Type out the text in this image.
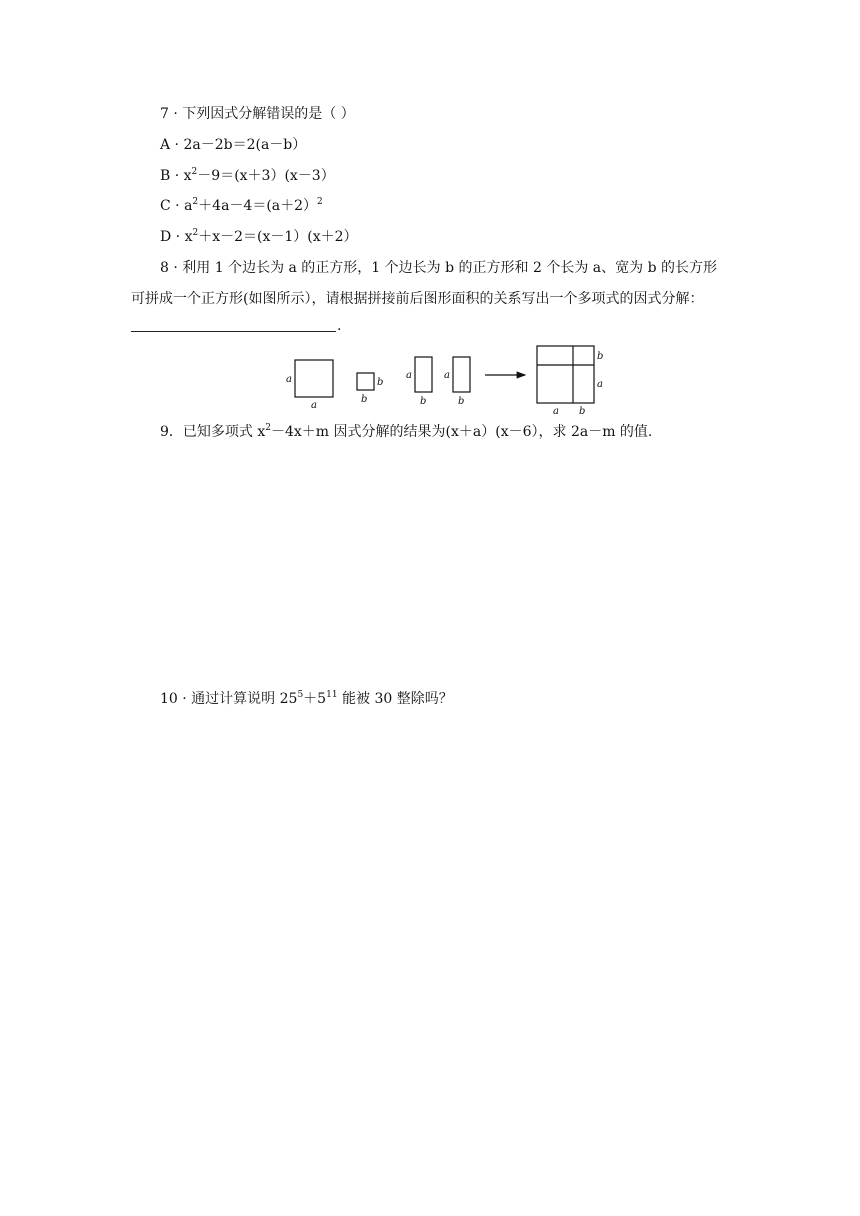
7 · 下列因式分解错误的是（ ）
A · 2a－2b＝2(a－b）
$B \cdot x^2-9=(x+3)(x-3)$
$C \cdot a^2+4a-4=(a+2)^2$
$D \cdot x^2+x-2=(x-1)(x+2)$
8 · 利用 1 个边长为 a 的正方形，1 个边长为 b 的正方形和 2 个长为 a、宽为 b 的长方形
可拼成一个正方形(如图所示），请根据拼接前后图形面积的关系写出一个多项式的因式分解：
.
a
a
b
b
a
b
a
b
b
a
a b
9．已知多项式 $x^2-4x+m$ 因式分解的结果为(x＋a）(x－6），求 2a－m 的值.
10 · 通过计算说明 $25^5+5^{11}$ 能被 30 整除吗？
